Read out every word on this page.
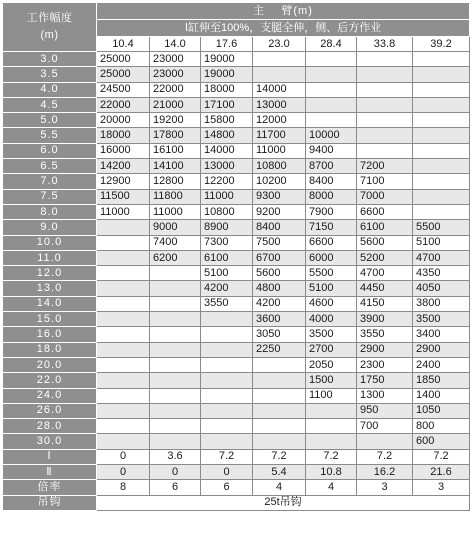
工作幅度
(m)	主    臂(m)						
	Ⅰ缸伸至100%，支腿全伸，侧、后方作业						
	10.4	14.0	17.6	23.0	28.4	33.8	39.2
3.0	25000	23000	19000				
3.5	25000	23000	19000				
4.0	24500	22000	18000	14000			
4.5	22000	21000	17100	13000			
5.0	20000	19200	15800	12000			
5.5	18000	17800	14800	11700	10000		
6.0	16000	16100	14000	11000	9400		
6.5	14200	14100	13000	10800	8700	7200	
7.0	12900	12800	12200	10200	8400	7100	
7.5	11500	11800	11000	9300	8000	7000	
8.0	11000	11000	10800	9200	7900	6600	
9.0		9000	8900	8400	7150	6100	5500
10.0		7400	7300	7500	6600	5600	5100
11.0		6200	6100	6700	6000	5200	4700
12.0			5100	5600	5500	4700	4350
13.0			4200	4800	5100	4450	4050
14.0			3550	4200	4600	4150	3800
15.0				3600	4000	3900	3500
16.0				3050	3500	3550	3400
18.0				2250	2700	2900	2900
20.0					2050	2300	2400
22.0					1500	1750	1850
24.0					1100	1300	1400
26.0						950	1050
28.0						700	800
30.0							600
Ⅰ	0	3.6	7.2	7.2	7.2	7.2	7.2
Ⅱ	0	0	0	5.4	10.8	16.2	21.6
倍率	8	6	6	4	4	3	3
吊钩	25t吊钩						
